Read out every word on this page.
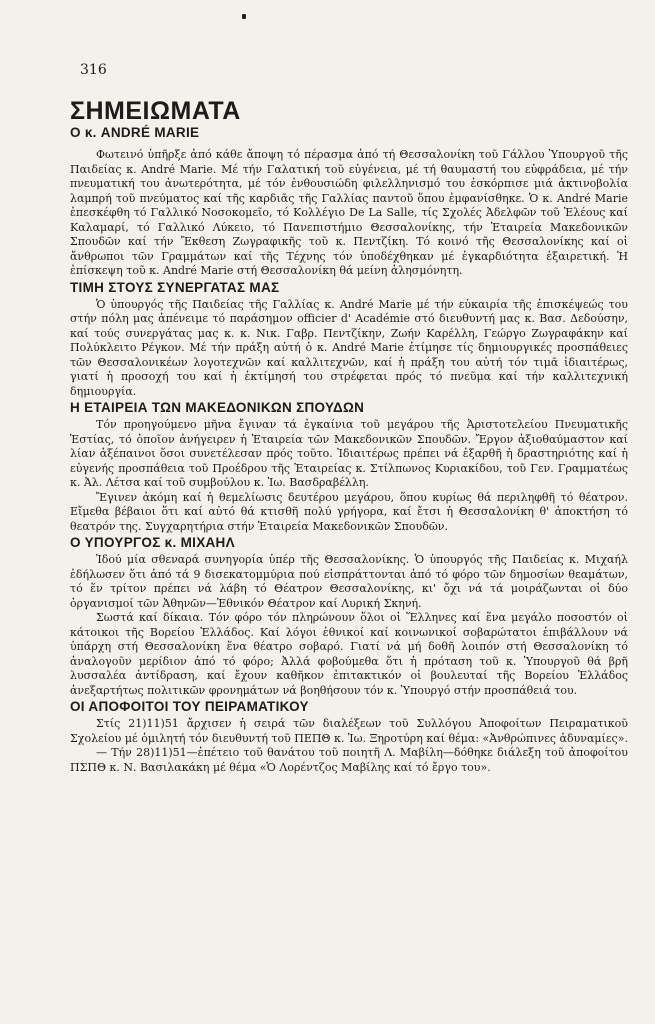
316
ΣΗΜΕΙΩΜΑΤΑ
Ο κ. ANDRÉ MARIE

Φωτεινό ὑπῆρξε ἀπό κάθε ἄποψη τό πέρασμα ἀπό τή Θεσσαλονίκη τοῦ Γάλλου Ὑπουργοῦ τῆς Παιδείας κ. André Marie. Μέ τήν Γαλατική τοῦ εὐγένεια, μέ τή θαυμαστή του εὐφράδεια, μέ τήν πνευματική του ἀνωτερότητα, μέ τόν ἐνθουσιώδη φιλελληνισμό του ἐσκόρπισε μιά ἀκτινοβολία λαμπρή τοῦ πνεύματος καί τῆς καρδιᾶς τῆς Γαλλίας παντοῦ ὅπου ἐμφανίσθηκε. Ὁ κ. André Marie ἐπεσκέφθη τό Γαλλικό Νοσοκομεῖο, τό Κολλέγιο De La Salle, τίς Σχολές Ἀδελφῶν τοῦ Ἐλέους καί Καλαμαρί, τό Γαλλικό Λύκειο, τό Πανεπιστήμιο Θεσσαλονίκης, τήν Ἑταιρεία Μακεδονικῶν Σπουδῶν καί τήν Ἔκθεση Ζωγραφικῆς τοῦ κ. Πεντζίκη. Τό κοινό τῆς Θεσσαλονίκης καί οἱ ἄνθρωποι τῶν Γραμμάτων καί τῆς Τέχνης τόν ὑποδέχθηκαν μέ ἐγκαρδιότητα ἐξαιρετική. Ἡ ἐπίσκεψη τοῦ κ. André Marie στή Θεσσαλονίκη θά μείνη ἀλησμόνητη.

ΤΙΜΗ ΣΤΟΥΣ ΣΥΝΕΡΓΑΤΑΣ ΜΑΣ

Ὁ ὑπουργός τῆς Παιδείας τῆς Γαλλίας κ. André Marie μέ τήν εὐκαιρία τῆς ἐπισκέψεώς του στήν πόλη μας ἀπένειμε τό παράσημον officier d' Académie στό διευθυντή μας κ. Βασ. Δεδούσην, καί τούς συνεργάτας μας κ. κ. Νικ. Γαβρ. Πεντζίκην, Ζωήν Καρέλλη, Γεώργο Ζωγραφάκην καί Πολύκλειτο Ρέγκον. Μέ τήν πράξη αὐτή ὁ κ. André Marie ἐτίμησε τίς δημιουργικές προσπάθειες τῶν Θεσσαλονικέων λογοτεχνῶν καί καλλιτεχνῶν, καί ἡ πράξη του αὐτή τόν τιμᾶ ἰδιαιτέρως, γιατί ἡ προσοχή του καί ἡ ἐκτίμησή του στρέφεται πρός τό πνεῦμα καί τήν καλλιτεχνική δημιουργία.

Η ΕΤΑΙΡΕΙΑ ΤΩΝ ΜΑΚΕΔΟΝΙΚΩΝ ΣΠΟΥΔΩΝ

Τόν προηγούμενο μῆνα ἔγιναν τά ἐγκαίνια τοῦ μεγάρου τῆς Ἀριστοτελείου Πνευματικῆς Ἑστίας, τό ὁποῖον ἀνήγειρεν ἡ Ἑταιρεία τῶν Μακεδονικῶν Σπουδῶν. Ἔργον ἀξιοθαύμαστον καί λίαν ἀξέπαινοι ὅσοι συνετέλεσαν πρός τοῦτο. Ἰδιαιτέρως πρέπει νά ἐξαρθῆ ἡ δραστηριότης καί ἡ εὐγενής προσπάθεια τοῦ Προέδρου τῆς Ἑταιρείας κ. Στίλπωνος Κυριακίδου, τοῦ Γεν. Γραμματέως κ. Ἀλ. Λέτσα καί τοῦ συμβούλου κ. Ἰω. Βασδραβέλλη.

Ἔγινεν ἀκόμη καί ἡ θεμελίωσις δευτέρου μεγάρου, ὅπου κυρίως θά περιληφθῆ τό θέατρον. Εἴμεθα βέβαιοι ὅτι καί αὐτό θά κτισθῆ πολύ γρήγορα, καί ἔτσι ἡ Θεσσαλονίκη θ' ἀποκτήση τό θεατρόν της. Συγχαρητήρια στήν Ἑταιρεία Μακεδονικῶν Σπουδῶν.

Ο ΥΠΟΥΡΓΟΣ κ. ΜΙΧΑΗΛ

Ἰδού μία σθεναρά συνηγορία ὑπέρ τῆς Θεσσαλονίκης. Ὁ ὑπουργός τῆς Παιδείας κ. Μιχαήλ ἐδήλωσεν ὅτι ἀπό τά 9 δισεκατομμύρια πού εἰσπράττονται ἀπό τό φόρο τῶν δημοσίων θεαμάτων, τό ἕν τρίτον πρέπει νά λάβη τό Θέατρον Θεσσαλονίκης, κι' ὄχι νά τά μοιράζωνται οἱ δύο ὀργανισμοί τῶν Ἀθηνῶν—Ἐθνικόν Θέατρον καί Λυρική Σκηνή.

Σωστά καί δίκαια. Τόν φόρο τόν πληρώνουν ὅλοι οἱ Ἕλληνες καί ἕνα μεγάλο ποσοστόν οἱ κάτοικοι τῆς Βορείου Ἑλλάδος. Καί λόγοι ἐθνικοί καί κοινωνικοί σοβαρώτατοι ἐπιβάλλουν νά ὑπάρχη στή Θεσσαλονίκη ἕνα θέατρο σοβαρό. Γιατί νά μή δοθῆ λοιπόν στή Θεσσαλονίκη τό ἀναλογοῦν μερίδιον ἀπό τό φόρο; Ἀλλά φοβούμεθα ὅτι ἡ πρόταση τοῦ κ. Ὑπουργοῦ θά βρῆ λυσσαλέα ἀντίδραση, καί ἔχουν καθῆκον ἐπιτακτικόν οἱ βουλευταί τῆς Βορείου Ἑλλάδος ἀνεξαρτήτως πολιτικῶν φρονημάτων νά βοηθήσουν τόν κ. Ὑπουργό στήν προσπάθειά του.

ΟΙ ΑΠΟΦΟΙΤΟΙ ΤΟΥ ΠΕΙΡΑΜΑΤΙΚΟΥ

Στίς 21)11)51 ἄρχισεν ἡ σειρά τῶν διαλέξεων τοῦ Συλλόγου Ἀποφοίτων Πειραματικοῦ Σχολείου μέ ὁμιλητή τόν διευθυντή τοῦ ΠΕΠΘ κ. Ἰω. Ξηροτύρη καί θέμα: «Ἀνθρώπινες ἀδυναμίες».

— Τήν 28)11)51—ἐπέτειο τοῦ θανάτου τοῦ ποιητῆ Λ. Μαβίλη—δόθηκε διάλεξη τοῦ ἀποφοίτου ΠΣΠΘ κ. Ν. Βασιλακάκη μέ θέμα «Ὁ Λορέντζος Μαβίλης καί τό ἔργο του».
